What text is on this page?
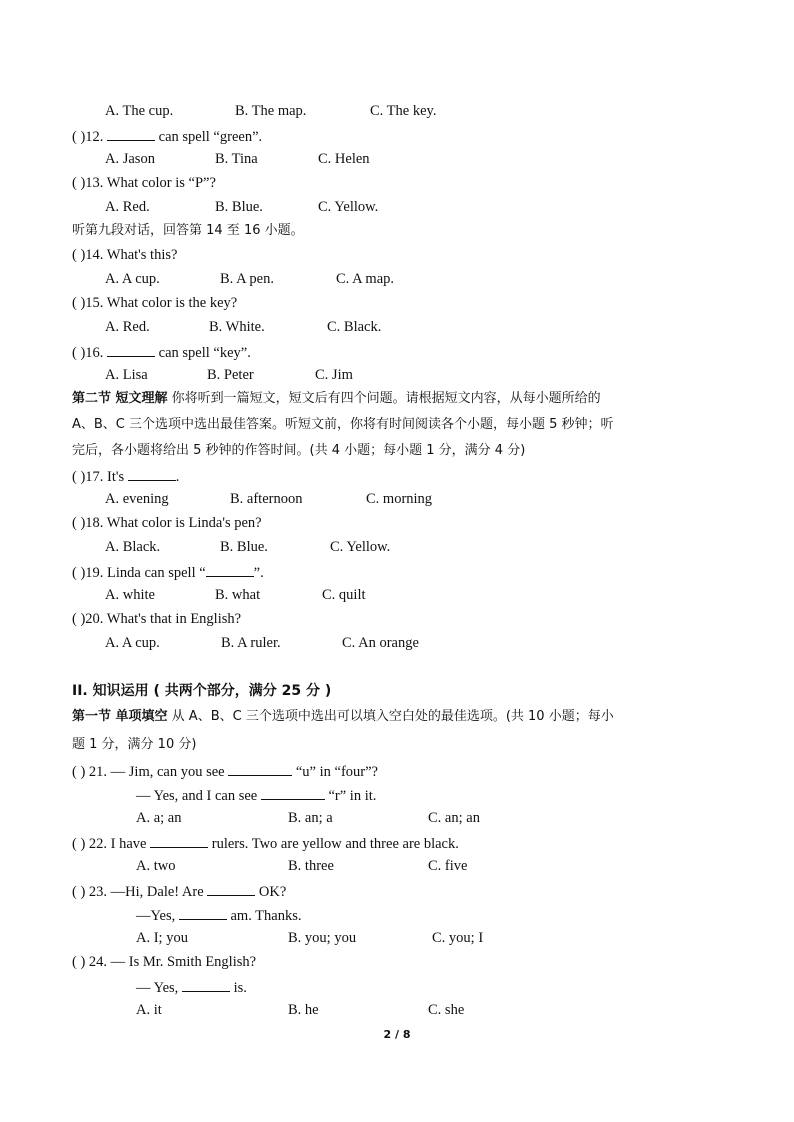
A. The cup.	B. The map.	C. The key.
( )12.	can spell “green”.
A. Jason	B. Tina	C. Helen
( )13. What color is “P”?
A. Red.	B. Blue.	C. Yellow.
听第九段对话，回答第 14 至 16 小题。
( )14. What's this?
A. A cup.	B. A pen.	C. A map.
( )15. What color is the key?
A. Red.	B. White.	C. Black.
( )16.	can spell “key”.
A. Lisa	B. Peter	C. Jim
第二节 短文理解 你将听到一篇短文，短文后有四个问题。请根据短文内容，从每小题所给的
A、B、C 三个选项中选出最佳答案。听短文前，你将有时间阅读各个小题，每小题 5 秒钟；听
完后，各小题将给出 5 秒钟的作答时间。(共 4 小题；每小题 1 分，满分 4 分)
( )17. It's	.
A. evening	B. afternoon	C. morning
( )18. What color is Linda's pen?
A. Black.	B. Blue.	C. Yellow.
( )19. Linda can spell “	”.
A. white	B. what	C. quilt
( )20. What's that in English?
A. A cup.	B. A ruler.	C. An orange
II. 知识运用 ( 共两个部分，满分 25 分 )
第一节 单项填空 从 A、B、C 三个选项中选出可以填入空白处的最佳选项。(共 10 小题；每小
题 1 分，满分 10 分)
( ) 21. — Jim, can you see	“u” in “four”?
— Yes, and I can see	“r” in it.
A. a; an	B. an; a	C. an; an
( ) 22. I have	rulers. Two are yellow and three are black.
A. two	B. three	C. five
( ) 23. —Hi, Dale! Are	OK?
—Yes,	am. Thanks.
A. I; you	B. you; you	C. you; I
( ) 24. — Is Mr. Smith English?
— Yes,	is.
A. it	B. he	C. she
2 / 8
